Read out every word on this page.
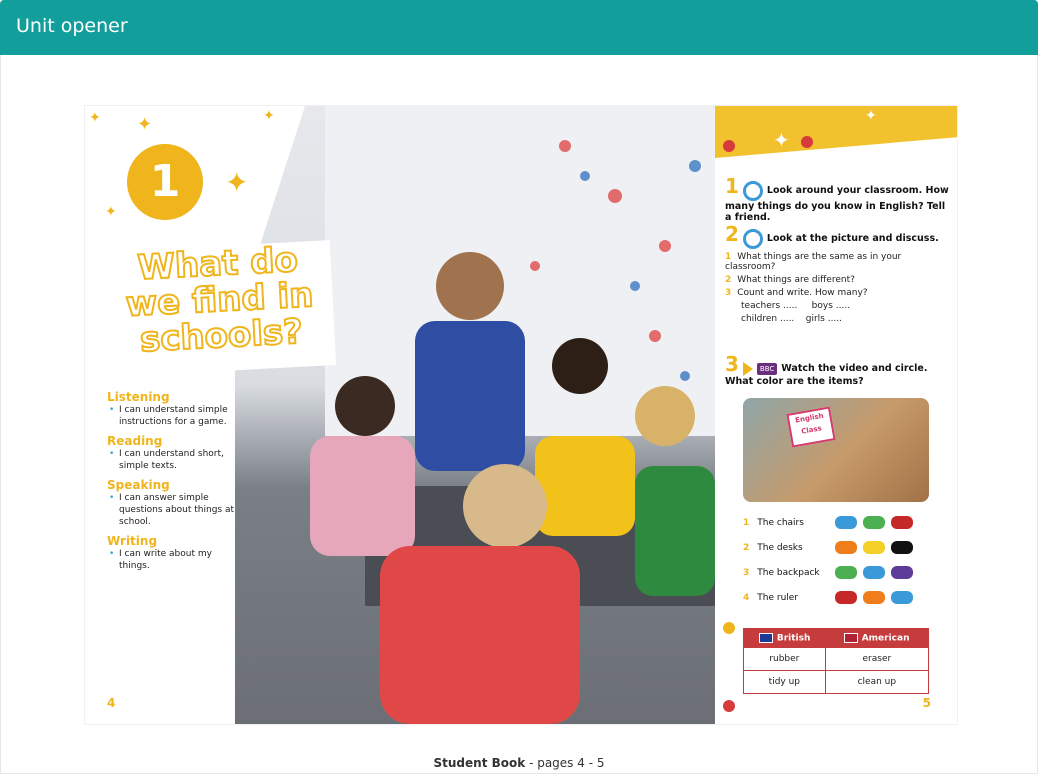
Unit opener
✦ ✦	✦
✦
✦
1
What do we find in schools?
Listening
• I can understand simple instructions for a game.
Reading
• I can understand short, simple texts.
Speaking
• I can answer simple questions about things at school.
Writing
• I can write about my things.
4
✦
✦
1	Look around your classroom. How many things do you know in English? Tell a friend.
2	Look at the picture and discuss.
1 What things are the same as in your classroom?
2 What things are different?
3 Count and write. How many?
teachers .....     boys .....
children .....    girls .....
3	BBC Watch the video and circle. What color are the items?
English Class
1 The chairs
2 The desks
3 The backpack
4 The ruler
British	American
rubber	eraser
tidy up	clean up
5
Student Book - pages 4 - 5
